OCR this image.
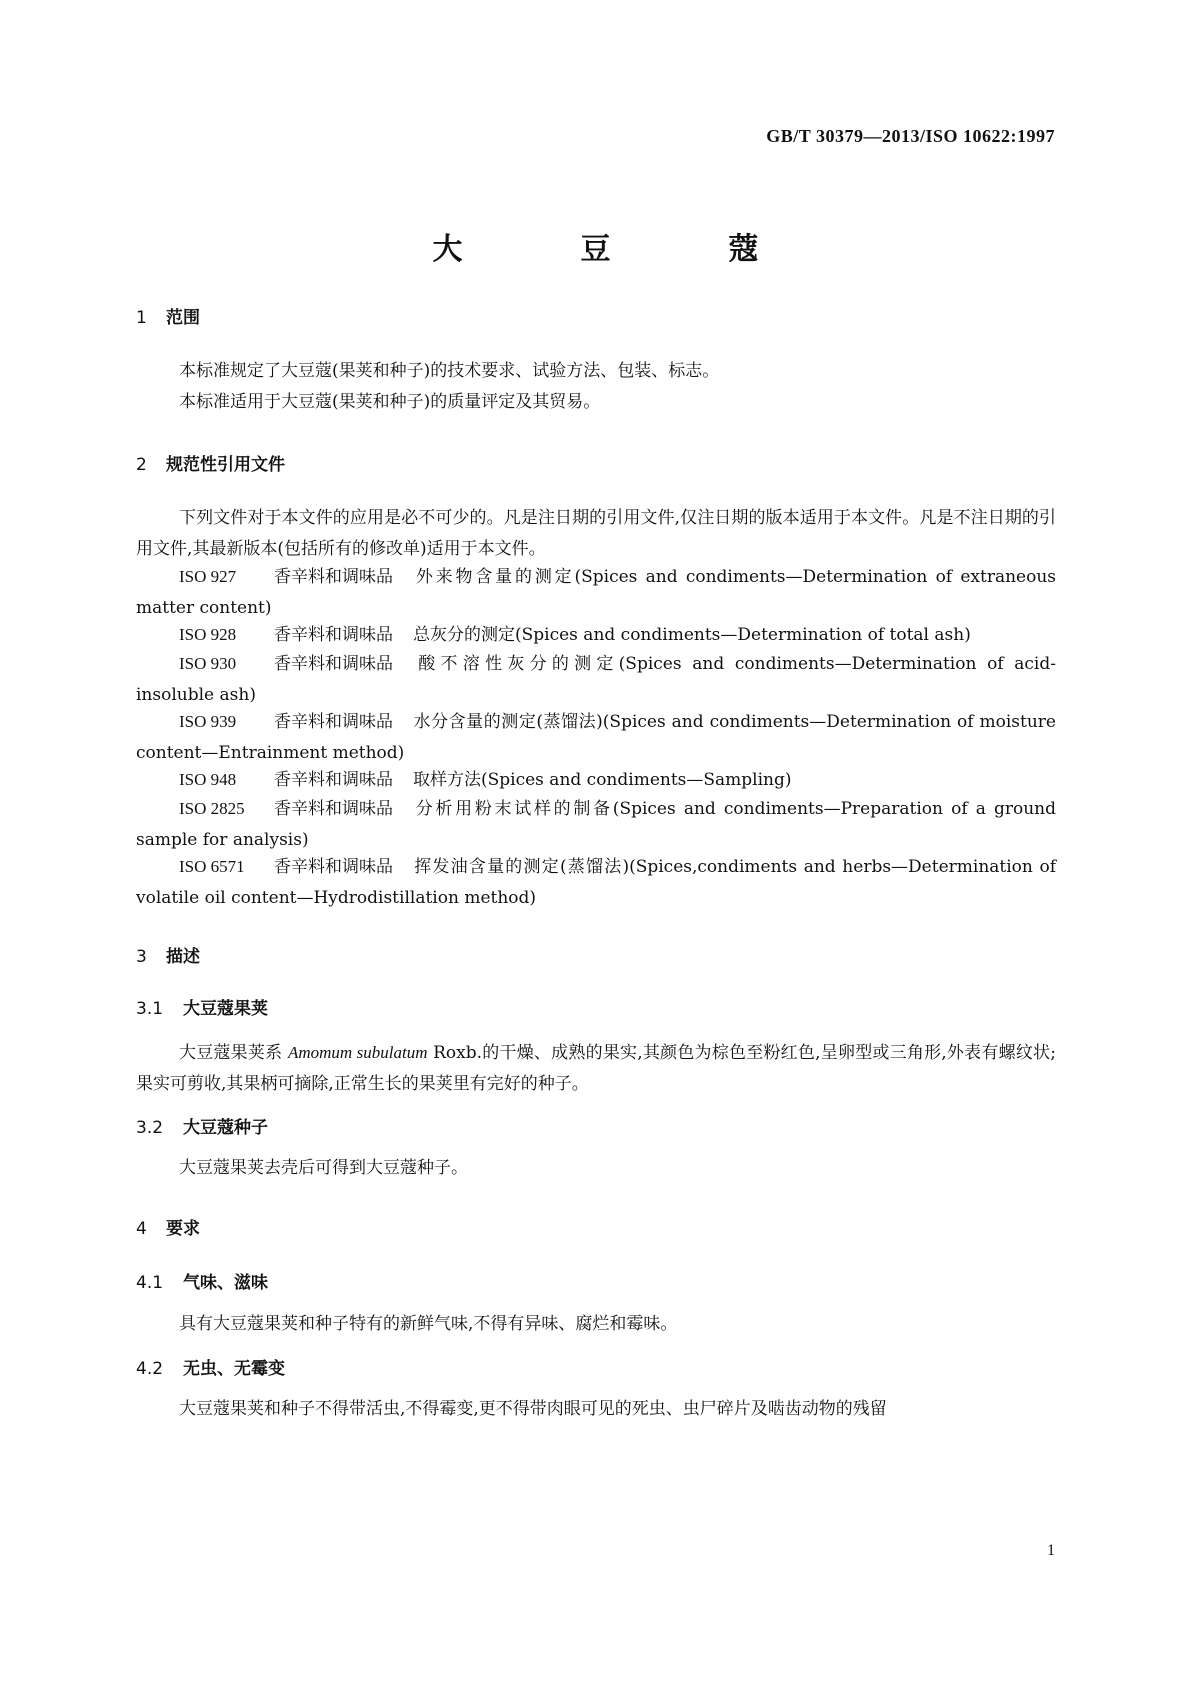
GB/T 30379—2013/ISO 10622:1997
大　豆　蔻
1 范围
本标准规定了大豆蔻(果荚和种子)的技术要求、试验方法、包装、标志。
本标准适用于大豆蔻(果荚和种子)的质量评定及其贸易。
2 规范性引用文件
下列文件对于本文件的应用是必不可少的。凡是注日期的引用文件,仅注日期的版本适用于本文件。凡是不注日期的引用文件,其最新版本(包括所有的修改单)适用于本文件。
ISO 927 香辛料和调味品 外来物含量的测定(Spices and condiments—Determination of extraneous matter content)
ISO 928 香辛料和调味品 总灰分的测定(Spices and condiments—Determination of total ash)
ISO 930 香辛料和调味品 酸不溶性灰分的测定(Spices and condiments—Determination of acid-insoluble ash)
ISO 939 香辛料和调味品 水分含量的测定(蒸馏法)(Spices and condiments—Determination of moisture content—Entrainment method)
ISO 948 香辛料和调味品 取样方法(Spices and condiments—Sampling)
ISO 2825 香辛料和调味品 分析用粉末试样的制备(Spices and condiments—Preparation of a ground sample for analysis)
ISO 6571 香辛料和调味品 挥发油含量的测定(蒸馏法)(Spices,condiments and herbs—Determination of volatile oil content—Hydrodistillation method)
3 描述
3.1 大豆蔻果荚
大豆蔻果荚系 Amomum subulatum Roxb.的干燥、成熟的果实,其颜色为棕色至粉红色,呈卵型或三角形,外表有螺纹状;果实可剪收,其果柄可摘除,正常生长的果荚里有完好的种子。
3.2 大豆蔻种子
大豆蔻果荚去壳后可得到大豆蔻种子。
4 要求
4.1 气味、滋味
具有大豆蔻果荚和种子特有的新鲜气味,不得有异味、腐烂和霉味。
4.2 无虫、无霉变
大豆蔻果荚和种子不得带活虫,不得霉变,更不得带肉眼可见的死虫、虫尸碎片及啮齿动物的残留
1
